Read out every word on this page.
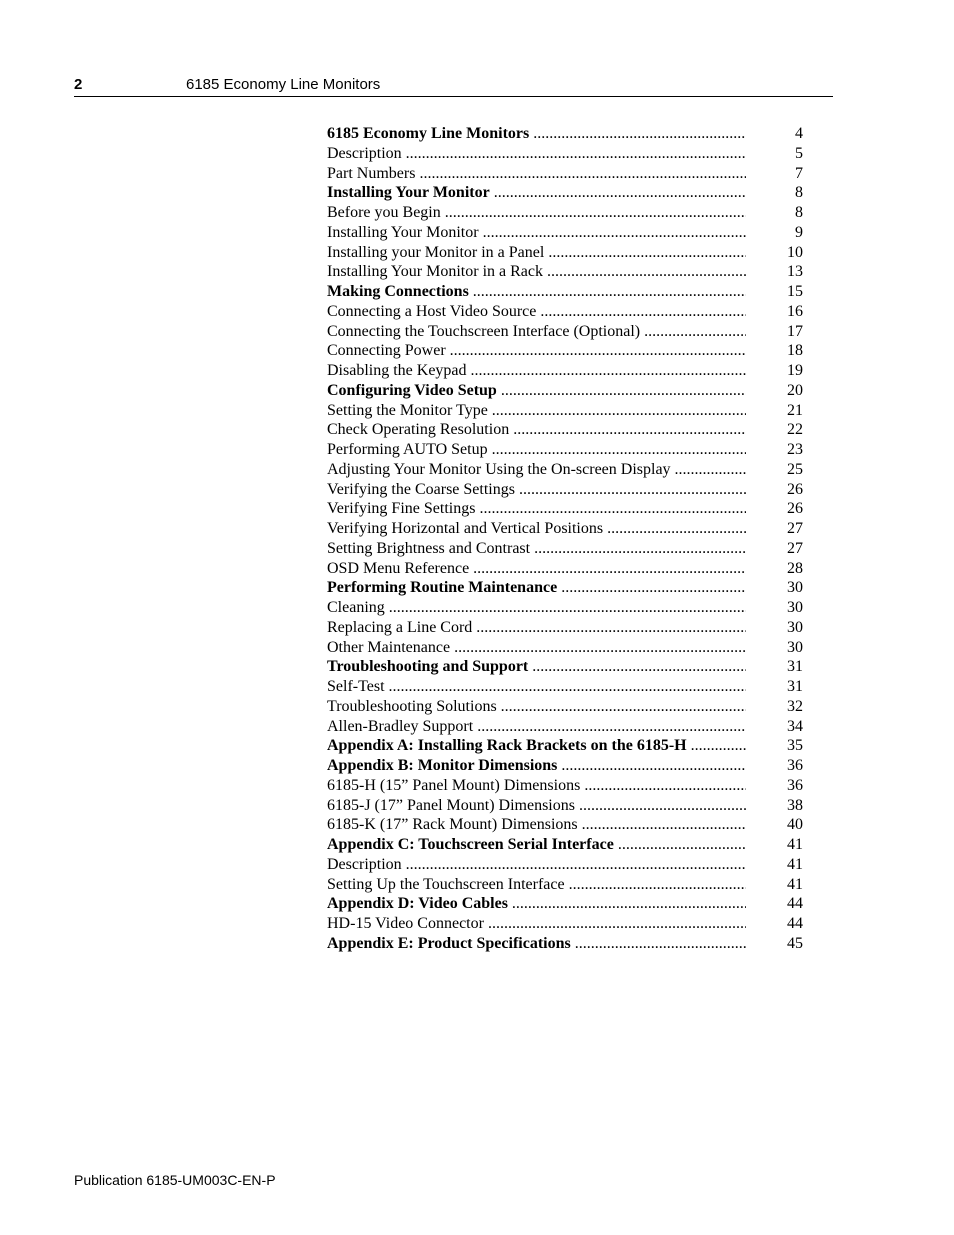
2	6185 Economy Line Monitors
6185 Economy Line Monitors .....	4
Description .....	5
Part Numbers .....	7
Installing Your Monitor .....	8
Before you Begin .....	8
Installing Your Monitor .....	9
Installing your Monitor in a Panel .....	10
Installing Your Monitor in a Rack .....	13
Making Connections .....	15
Connecting a Host Video Source .....	16
Connecting the Touchscreen Interface (Optional) .....	17
Connecting Power .....	18
Disabling the Keypad .....	19
Configuring Video Setup .....	20
Setting the Monitor Type .....	21
Check Operating Resolution .....	22
Performing AUTO Setup .....	23
Adjusting Your Monitor Using the On-screen Display .....	25
Verifying the Coarse Settings .....	26
Verifying Fine Settings .....	26
Verifying Horizontal and Vertical Positions .....	27
Setting Brightness and Contrast .....	27
OSD Menu Reference .....	28
Performing Routine Maintenance .....	30
Cleaning .....	30
Replacing a Line Cord .....	30
Other Maintenance .....	30
Troubleshooting and Support .....	31
Self-Test .....	31
Troubleshooting Solutions .....	32
Allen-Bradley Support .....	34
Appendix A: Installing Rack Brackets on the 6185-H .....	35
Appendix B: Monitor Dimensions .....	36
6185-H (15” Panel Mount) Dimensions .....	36
6185-J (17” Panel Mount) Dimensions .....	38
6185-K (17” Rack Mount) Dimensions .....	40
Appendix C: Touchscreen Serial Interface .....	41
Description .....	41
Setting Up the Touchscreen Interface .....	41
Appendix D: Video Cables .....	44
HD-15 Video Connector .....	44
Appendix E: Product Specifications .....	45
Publication 6185-UM003C-EN-P
